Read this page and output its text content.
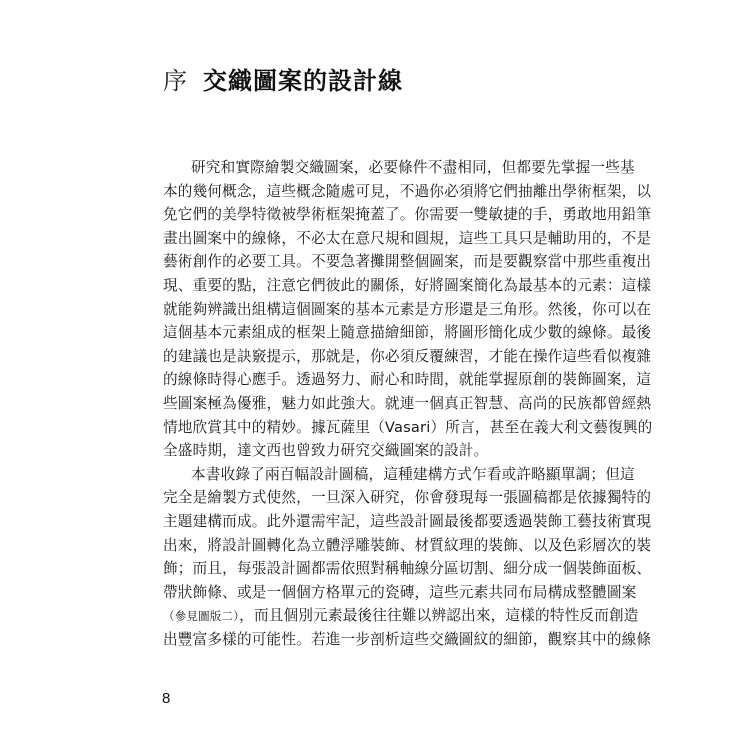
序 交織圖案的設計線
研究和實際繪製交織圖案，必要條件不盡相同，但都要先掌握一些基
本的幾何概念，這些概念隨處可見，不過你必須將它們抽離出學術框架，以
免它們的美學特徵被學術框架掩蓋了。你需要一雙敏捷的手，勇敢地用鉛筆
畫出圖案中的線條，不必太在意尺規和圓規，這些工具只是輔助用的，不是
藝術創作的必要工具。不要急著攤開整個圖案，而是要觀察當中那些重複出
現、重要的點，注意它們彼此的關係，好將圖案簡化為最基本的元素：這樣
就能夠辨識出組構這個圖案的基本元素是方形還是三角形。然後，你可以在
這個基本元素組成的框架上隨意描繪細節，將圖形簡化成少數的線條。最後
的建議也是訣竅提示，那就是，你必須反覆練習，才能在操作這些看似複雜
的線條時得心應手。透過努力、耐心和時間，就能掌握原創的裝飾圖案，這
些圖案極為優雅，魅力如此強大。就連一個真正智慧、高尚的民族都曾經熱
情地欣賞其中的精妙。據瓦薩里（Vasari）所言，甚至在義大利文藝復興的
全盛時期，達文西也曾致力研究交織圖案的設計。
本書收錄了兩百幅設計圖稿，這種建構方式乍看或許略顯單調；但這
完全是繪製方式使然，一旦深入研究，你會發現每一張圖稿都是依據獨特的
主題建構而成。此外還需牢記，這些設計圖最後都要透過裝飾工藝技術實現
出來，將設計圖轉化為立體浮雕裝飾、材質紋理的裝飾、以及色彩層次的裝
飾；而且，每張設計圖都需依照對稱軸線分區切割、細分成一個裝飾面板、
帶狀飾條、或是一個個方格單元的瓷磚，這些元素共同布局構成整體圖案
（參見圖版二），而且個別元素最後往往難以辨認出來，這樣的特性反而創造
出豐富多樣的可能性。若進一步剖析這些交織圖紋的細節，觀察其中的線條
8
